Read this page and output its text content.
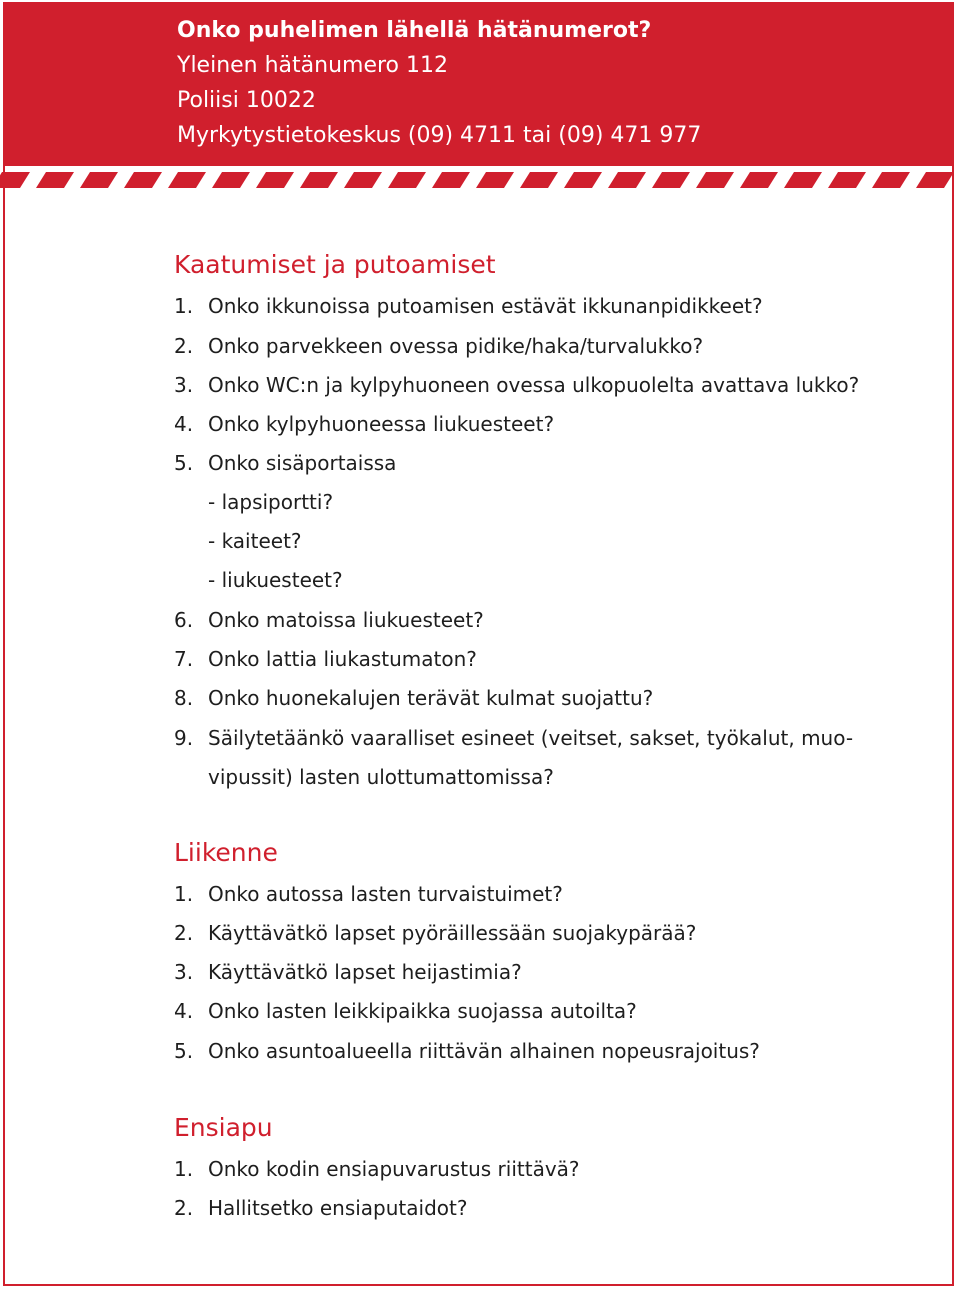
Onko puhelimen lähellä hätänumerot?

Yleinen hätänumero 112

Poliisi 10022

Myrkytystietokeskus (09) 4711 tai (09) 471 977

Kaatumiset ja putoamiset
1. Onko ikkunoissa putoamisen estävät ikkunanpidikkeet?
2. Onko parvekkeen ovessa pidike/haka/turvalukko?
3. Onko WC:n ja kylpyhuoneen ovessa ulkopuolelta avattava lukko?
4. Onko kylpyhuoneessa liukuesteet?
5. Onko sisäportaissa
- lapsiportti?
- kaiteet?
- liukuesteet?
6. Onko matoissa liukuesteet?
7. Onko lattia liukastumaton?
8. Onko huonekalujen terävät kulmat suojattu?
9. Säilytetäänkö vaaralliset esineet (veitset, sakset, työkalut, muo-
vipussit) lasten ulottumattomissa?
Liikenne
1. Onko autossa lasten turvaistuimet?
2. Käyttävätkö lapset pyöräillessään suojakypärää?
3. Käyttävätkö lapset heijastimia?
4. Onko lasten leikkipaikka suojassa autoilta?
5. Onko asuntoalueella riittävän alhainen nopeusrajoitus?
Ensiapu
1. Onko kodin ensiapuvarustus riittävä?
2. Hallitsetko ensiaputaidot?
